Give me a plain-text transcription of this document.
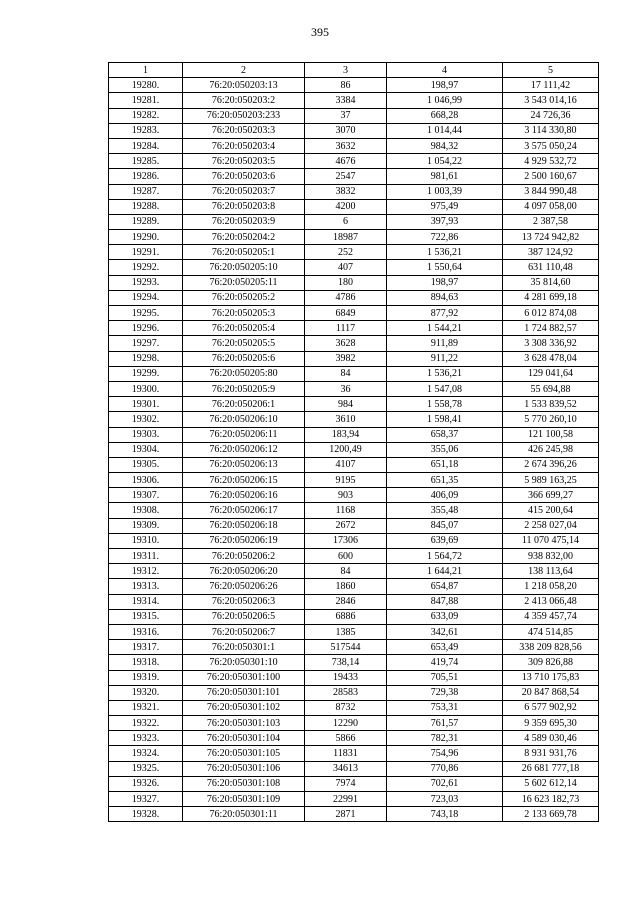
395
1	2	3	4	5
19280.	76:20:050203:13	86	198,97	17 111,42
19281.	76:20:050203:2	3384	1 046,99	3 543 014,16
19282.	76:20:050203:233	37	668,28	24 726,36
19283.	76:20:050203:3	3070	1 014,44	3 114 330,80
19284.	76:20:050203:4	3632	984,32	3 575 050,24
19285.	76:20:050203:5	4676	1 054,22	4 929 532,72
19286.	76:20:050203:6	2547	981,61	2 500 160,67
19287.	76:20:050203:7	3832	1 003,39	3 844 990,48
19288.	76:20:050203:8	4200	975,49	4 097 058,00
19289.	76:20:050203:9	6	397,93	2 387,58
19290.	76:20:050204:2	18987	722,86	13 724 942,82
19291.	76:20:050205:1	252	1 536,21	387 124,92
19292.	76:20:050205:10	407	1 550,64	631 110,48
19293.	76:20:050205:11	180	198,97	35 814,60
19294.	76:20:050205:2	4786	894,63	4 281 699,18
19295.	76:20:050205:3	6849	877,92	6 012 874,08
19296.	76:20:050205:4	1117	1 544,21	1 724 882,57
19297.	76:20:050205:5	3628	911,89	3 308 336,92
19298.	76:20:050205:6	3982	911,22	3 628 478,04
19299.	76:20:050205:80	84	1 536,21	129 041,64
19300.	76:20:050205:9	36	1 547,08	55 694,88
19301.	76:20:050206:1	984	1 558,78	1 533 839,52
19302.	76:20:050206:10	3610	1 598,41	5 770 260,10
19303.	76:20:050206:11	183,94	658,37	121 100,58
19304.	76:20:050206:12	1200,49	355,06	426 245,98
19305.	76:20:050206:13	4107	651,18	2 674 396,26
19306.	76:20:050206:15	9195	651,35	5 989 163,25
19307.	76:20:050206:16	903	406,09	366 699,27
19308.	76:20:050206:17	1168	355,48	415 200,64
19309.	76:20:050206:18	2672	845,07	2 258 027,04
19310.	76:20:050206:19	17306	639,69	11 070 475,14
19311.	76:20:050206:2	600	1 564,72	938 832,00
19312.	76:20:050206:20	84	1 644,21	138 113,64
19313.	76:20:050206:26	1860	654,87	1 218 058,20
19314.	76:20:050206:3	2846	847,88	2 413 066,48
19315.	76:20:050206:5	6886	633,09	4 359 457,74
19316.	76:20:050206:7	1385	342,61	474 514,85
19317.	76:20:050301:1	517544	653,49	338 209 828,56
19318.	76:20:050301:10	738,14	419,74	309 826,88
19319.	76:20:050301:100	19433	705,51	13 710 175,83
19320.	76:20:050301:101	28583	729,38	20 847 868,54
19321.	76:20:050301:102	8732	753,31	6 577 902,92
19322.	76:20:050301:103	12290	761,57	9 359 695,30
19323.	76:20:050301:104	5866	782,31	4 589 030,46
19324.	76:20:050301:105	11831	754,96	8 931 931,76
19325.	76:20:050301:106	34613	770,86	26 681 777,18
19326.	76:20:050301:108	7974	702,61	5 602 612,14
19327.	76:20:050301:109	22991	723,03	16 623 182,73
19328.	76:20:050301:11	2871	743,18	2 133 669,78
